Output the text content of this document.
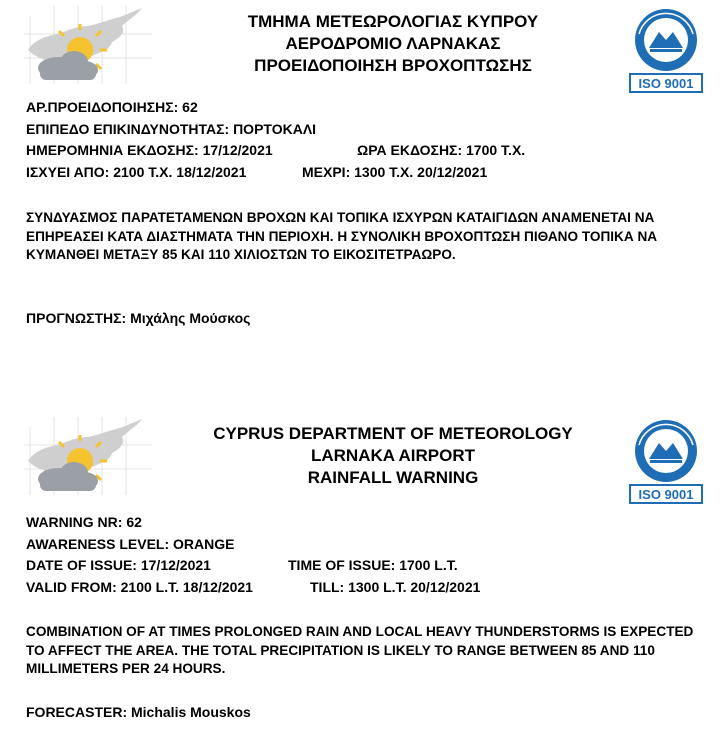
ΤΜΗΜΑ ΜΕΤΕΩΡΟΛΟΓΙΑΣ ΚΥΠΡΟΥ
ΑΕΡΟΔΡΟΜΙΟ ΛΑΡΝΑΚΑΣ
ΠΡΟΕΙΔΟΠΟΙΗΣΗ ΒΡΟΧΟΠΤΩΣΗΣ
ISO 9001
ΑΡ.ΠΡΟΕΙΔΟΠΟΙΗΣΗΣ: 62
ΕΠΙΠΕΔΟ ΕΠΙΚΙΝΔΥΝΟΤΗΤΑΣ: ΠΟΡΤΟΚΑΛΙ
ΗΜΕΡΟΜΗΝΙΑ ΕΚΔΟΣΗΣ: 17/12/2021	ΩΡΑ ΕΚΔΟΣΗΣ: 1700 Τ.Χ.
ΙΣΧΥΕΙ ΑΠΟ: 2100 Τ.Χ. 18/12/2021	ΜΕΧΡΙ: 1300 Τ.Χ. 20/12/2021
ΣΥΝΔΥΑΣΜΟΣ ΠΑΡΑΤΕΤΑΜΕΝΩΝ ΒΡΟΧΩΝ ΚΑΙ ΤΟΠΙΚΑ ΙΣΧΥΡΩΝ ΚΑΤΑΙΓΙΔΩΝ ΑΝΑΜΕΝΕΤΑΙ ΝΑ ΕΠΗΡΕΑΣΕΙ ΚΑΤΑ ΔΙΑΣΤΗΜΑΤΑ ΤΗΝ ΠΕΡΙΟΧΗ. Η ΣΥΝΟΛΙΚΗ ΒΡΟΧΟΠΤΩΣΗ ΠΙΘΑΝΟ ΤΟΠΙΚΑ ΝΑ ΚΥΜΑΝΘΕΙ ΜΕΤΑΞΥ 85 ΚΑΙ 110 ΧΙΛΙΟΣΤΩΝ ΤΟ ΕΙΚΟΣΙΤΕΤΡΑΩΡΟ.
ΠΡΟΓΝΩΣΤΗΣ: Μιχάλης Μούσκος
CYPRUS DEPARTMENT OF METEOROLOGY
LARNAKA AIRPORT
RAINFALL WARNING
ISO 9001
WARNING NR: 62
AWARENESS LEVEL: ORANGE
DATE OF ISSUE: 17/12/2021	TIME OF ISSUE: 1700 L.T.
VALID FROM: 2100 L.T. 18/12/2021	TILL: 1300 L.T. 20/12/2021
COMBINATION OF AT TIMES PROLONGED RAIN AND LOCAL HEAVY THUNDERSTORMS IS EXPECTED TO AFFECT THE AREA. THE TOTAL PRECIPITATION IS LIKELY TO RANGE BETWEEN 85 AND 110 MILLIMETERS PER 24 HOURS.
FORECASTER: Michalis Mouskos
